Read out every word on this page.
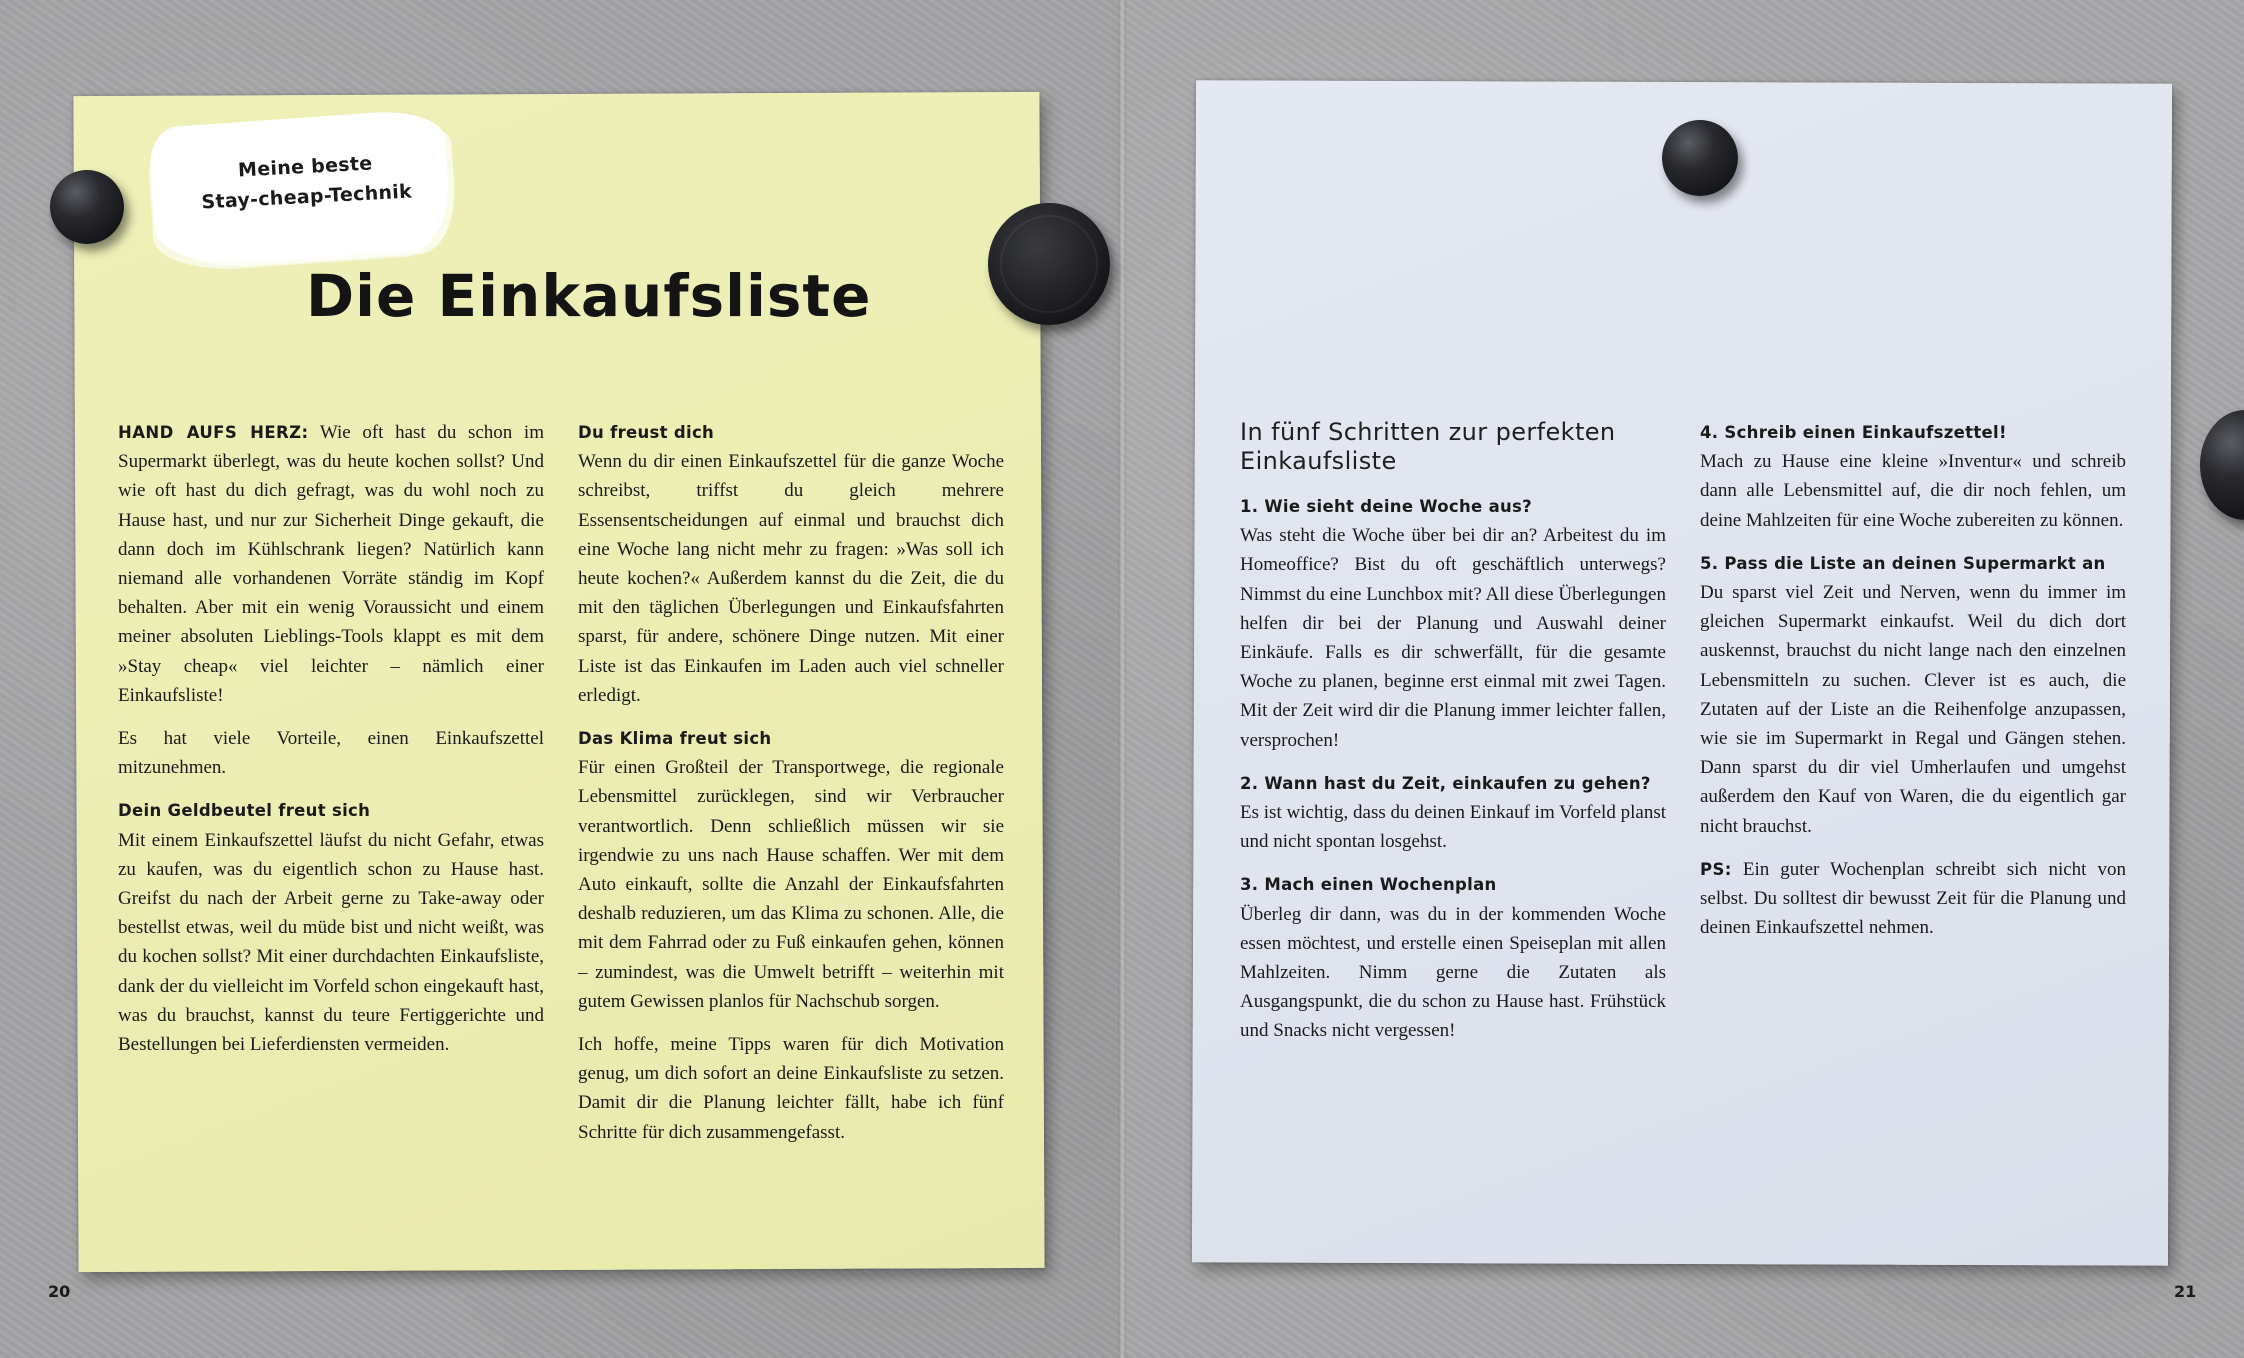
Meine beste
Stay-cheap-Technik
Die Einkaufsliste

HAND AUFS HERZ: Wie oft hast du schon im Supermarkt überlegt, was du heute kochen sollst? Und wie oft hast du dich gefragt, was du wohl noch zu Hause hast, und nur zur Sicherheit Dinge gekauft, die dann doch im Kühlschrank liegen? Natürlich kann niemand alle vorhandenen Vorräte ständig im Kopf behalten. Aber mit ein wenig Voraussicht und einem meiner absoluten Lieblings-Tools klappt es mit dem »Stay cheap« viel leichter – nämlich einer Einkaufsliste!

Es hat viele Vorteile, einen Einkaufszettel mitzunehmen.

Dein Geldbeutel freut sich

Mit einem Einkaufszettel läufst du nicht Gefahr, etwas zu kaufen, was du eigentlich schon zu Hause hast. Greifst du nach der Arbeit gerne zu Take-away oder bestellst etwas, weil du müde bist und nicht weißt, was du kochen sollst? Mit einer durchdachten Einkaufsliste, dank der du vielleicht im Vorfeld schon eingekauft hast, was du brauchst, kannst du teure Fertiggerichte und Bestellungen bei Lieferdiensten vermeiden.

Du freust dich

Wenn du dir einen Einkaufszettel für die ganze Woche schreibst, triffst du gleich mehrere Essensentscheidungen auf einmal und brauchst dich eine Woche lang nicht mehr zu fragen: »Was soll ich heute kochen?« Außerdem kannst du die Zeit, die du mit den täglichen Überlegungen und Einkaufsfahrten sparst, für andere, schönere Dinge nutzen. Mit einer Liste ist das Einkaufen im Laden auch viel schneller erledigt.

Das Klima freut sich

Für einen Großteil der Transportwege, die regionale Lebensmittel zurücklegen, sind wir Verbraucher verantwortlich. Denn schließlich müssen wir sie irgendwie zu uns nach Hause schaffen. Wer mit dem Auto einkauft, sollte die Anzahl der Einkaufsfahrten deshalb reduzieren, um das Klima zu schonen. Alle, die mit dem Fahrrad oder zu Fuß einkaufen gehen, können – zumindest, was die Umwelt betrifft – weiterhin mit gutem Gewissen planlos für Nachschub sorgen.

Ich hoffe, meine Tipps waren für dich Motivation genug, um dich sofort an deine Einkaufsliste zu setzen. Damit dir die Planung leichter fällt, habe ich fünf Schritte für dich zusammengefasst.

In fünf Schritten zur perfekten Einkaufsliste
1. Wie sieht deine Woche aus?

Was steht die Woche über bei dir an? Arbeitest du im Homeoffice? Bist du oft geschäftlich unterwegs? Nimmst du eine Lunchbox mit? All diese Überlegungen helfen dir bei der Planung und Auswahl deiner Einkäufe. Falls es dir schwerfällt, für die gesamte Woche zu planen, beginne erst einmal mit zwei Tagen. Mit der Zeit wird dir die Planung immer leichter fallen, versprochen!

2. Wann hast du Zeit, einkaufen zu gehen?

Es ist wichtig, dass du deinen Einkauf im Vorfeld planst und nicht spontan losgehst.

3. Mach einen Wochenplan

Überleg dir dann, was du in der kommenden Woche essen möchtest, und erstelle einen Speiseplan mit allen Mahlzeiten. Nimm gerne die Zutaten als Ausgangspunkt, die du schon zu Hause hast. Frühstück und Snacks nicht vergessen!

4. Schreib einen Einkaufszettel!

Mach zu Hause eine kleine »Inventur« und schreib dann alle Lebensmittel auf, die dir noch fehlen, um deine Mahlzeiten für eine Woche zubereiten zu können.

5. Pass die Liste an deinen Supermarkt an

Du sparst viel Zeit und Nerven, wenn du immer im gleichen Supermarkt einkaufst. Weil du dich dort auskennst, brauchst du nicht lange nach den einzelnen Lebensmitteln zu suchen. Clever ist es auch, die Zutaten auf der Liste an die Reihenfolge anzupassen, wie sie im Supermarkt in Regal und Gängen stehen. Dann sparst du dir viel Umherlaufen und umgehst außerdem den Kauf von Waren, die du eigentlich gar nicht brauchst.

PS: Ein guter Wochenplan schreibt sich nicht von selbst. Du solltest dir bewusst Zeit für die Planung und deinen Einkaufszettel nehmen.

20	21
